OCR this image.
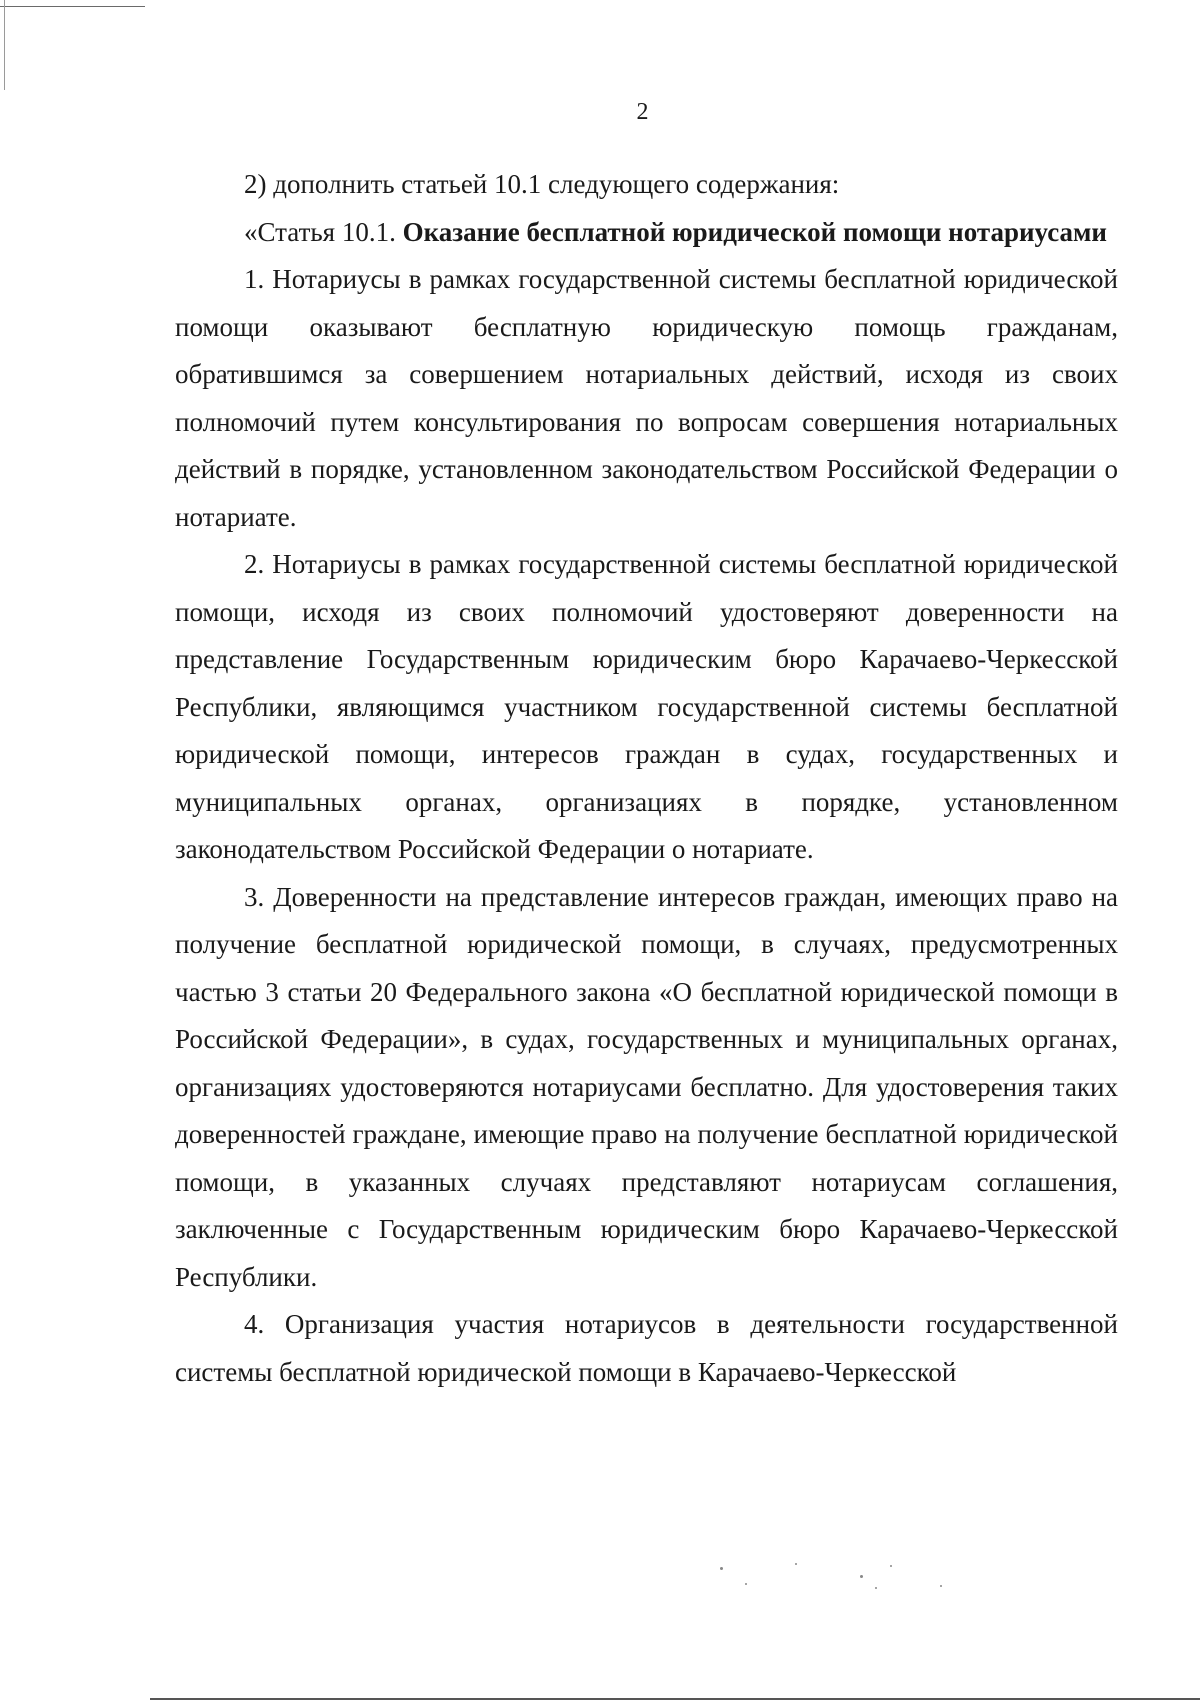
2

2) дополнить статьей 10.1 следующего содержания:

«Статья 10.1. Оказание бесплатной юридической помощи нотариусами

1. Нотариусы в рамках государственной системы бесплатной юридической помощи оказывают бесплатную юридическую помощь гражданам, обратившимся за совершением нотариальных действий, исходя из своих полномочий путем консультирования по вопросам совершения нотариальных действий в порядке, установленном законодательством Российской Федерации о нотариате.

2. Нотариусы в рамках государственной системы бесплатной юридической помощи, исходя из своих полномочий удостоверяют доверенности на представление Государственным юридическим бюро Карачаево-Черкесской Республики, являющимся участником государственной системы бесплатной юридической помощи, интересов граждан в судах, государственных и муниципальных органах, организациях в порядке, установленном законодательством Российской Федерации о нотариате.

3. Доверенности на представление интересов граждан, имеющих право на получение бесплатной юридической помощи, в случаях, предусмотренных частью 3 статьи 20 Федерального закона «О бесплатной юридической помощи в Российской Федерации», в судах, государственных и муниципальных органах, организациях удостоверяются нотариусами бесплатно. Для удостоверения таких доверенностей граждане, имеющие право на получение бесплатной юридической помощи, в указанных случаях представляют нотариусам соглашения, заключенные с Государственным юридическим бюро Карачаево-Черкесской Республики.

4. Организация участия нотариусов в деятельности государственной системы бесплатной юридической помощи в Карачаево-Черкесской
